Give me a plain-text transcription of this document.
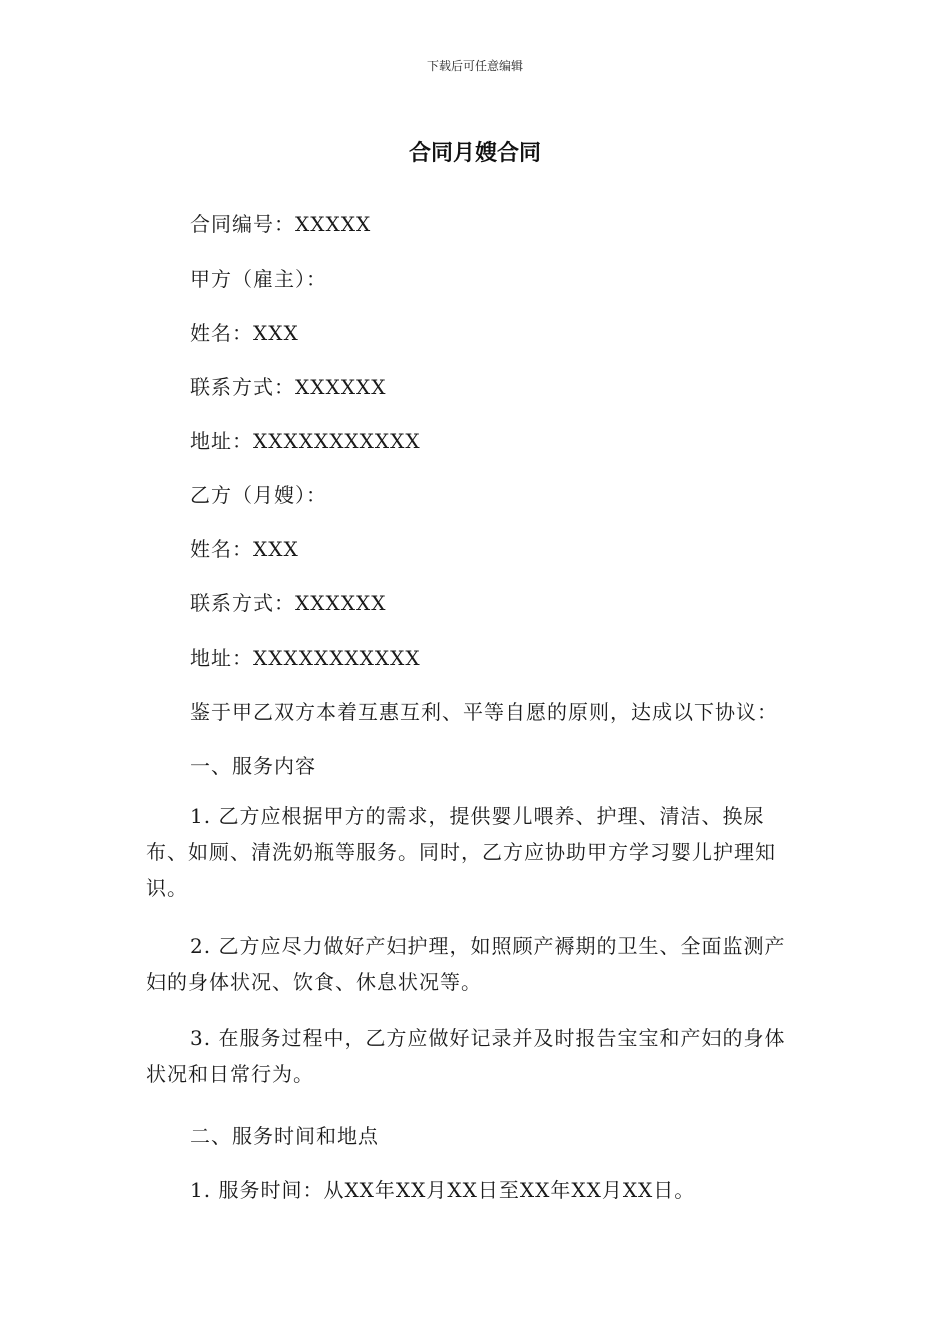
下载后可任意编辑
合同月嫂合同
合同编号：XXXXX
甲方（雇主）：
姓名：XXX
联系方式：XXXXXX
地址：XXXXXXXXXXX
乙方（月嫂）：
姓名：XXX
联系方式：XXXXXX
地址：XXXXXXXXXXX
鉴于甲乙双方本着互惠互利、平等自愿的原则，达成以下协议：
一、服务内容
1. 乙方应根据甲方的需求，提供婴儿喂养、护理、清洁、换尿布、如厕、清洗奶瓶等服务。同时，乙方应协助甲方学习婴儿护理知识。
2. 乙方应尽力做好产妇护理，如照顾产褥期的卫生、全面监测产妇的身体状况、饮食、休息状况等。
3. 在服务过程中，乙方应做好记录并及时报告宝宝和产妇的身体状况和日常行为。
二、服务时间和地点
1. 服务时间：从XX年XX月XX日至XX年XX月XX日。
